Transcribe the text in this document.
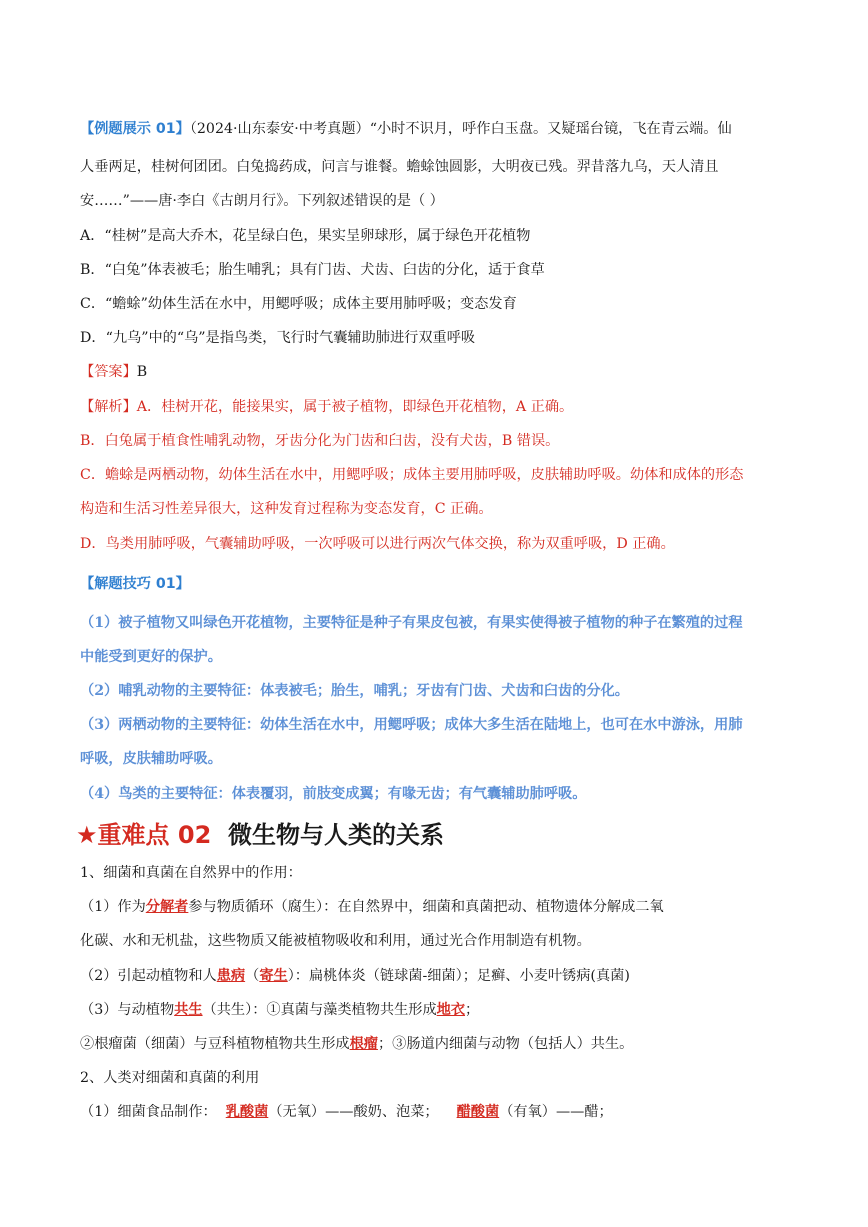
【例题展示 01】（2024·山东泰安·中考真题）“小时不识月，呼作白玉盘。又疑瑶台镜，飞在青云端。仙
人垂两足，桂树何团团。白兔捣药成，问言与谁餐。蟾蜍蚀圆影，大明夜已残。羿昔落九乌，天人清且
安……”——唐·李白《古朗月行》。下列叙述错误的是（ ）
A．“桂树”是高大乔木，花呈绿白色，果实呈卵球形，属于绿色开花植物
B．“白兔”体表被毛；胎生哺乳；具有门齿、犬齿、臼齿的分化，适于食草
C．“蟾蜍”幼体生活在水中，用鳃呼吸；成体主要用肺呼吸；变态发育
D．“九乌”中的“乌”是指鸟类，飞行时气囊辅助肺进行双重呼吸
【答案】B
【解析】A．桂树开花，能接果实，属于被子植物，即绿色开花植物，A 正确。
B．白兔属于植食性哺乳动物，牙齿分化为门齿和臼齿，没有犬齿，B 错误。
C．蟾蜍是两栖动物，幼体生活在水中，用鳃呼吸；成体主要用肺呼吸，皮肤辅助呼吸。幼体和成体的形态
构造和生活习性差异很大，这种发育过程称为变态发育，C 正确。
D．鸟类用肺呼吸，气囊辅助呼吸，一次呼吸可以进行两次气体交换，称为双重呼吸，D 正确。
【解题技巧 01】
（1）被子植物又叫绿色开花植物，主要特征是种子有果皮包被，有果实使得被子植物的种子在繁殖的过程
中能受到更好的保护。
（2）哺乳动物的主要特征：体表被毛；胎生，哺乳；牙齿有门齿、犬齿和臼齿的分化。
（3）两栖动物的主要特征：幼体生活在水中，用鳃呼吸；成体大多生活在陆地上，也可在水中游泳，用肺
呼吸，皮肤辅助呼吸。
（4）鸟类的主要特征：体表覆羽，前肢变成翼；有喙无齿；有气囊辅助肺呼吸。
★重难点 02 微生物与人类的关系
1、细菌和真菌在自然界中的作用：
（1）作为分解者参与物质循环（腐生）：在自然界中，细菌和真菌把动、植物遗体分解成二氧
化碳、水和无机盐，这些物质又能被植物吸收和利用，通过光合作用制造有机物。
（2）引起动植物和人患病（寄生）：扁桃体炎（链球菌-细菌）；足癣、小麦叶锈病(真菌)
（3）与动植物共生（共生）：①真菌与藻类植物共生形成地衣；
②根瘤菌（细菌）与豆科植物植物共生形成根瘤；③肠道内细菌与动物（包括人）共生。
2、人类对细菌和真菌的利用
（1）细菌食品制作：  乳酸菌（无氧）——酸奶、泡菜；    醋酸菌（有氧）——醋；
